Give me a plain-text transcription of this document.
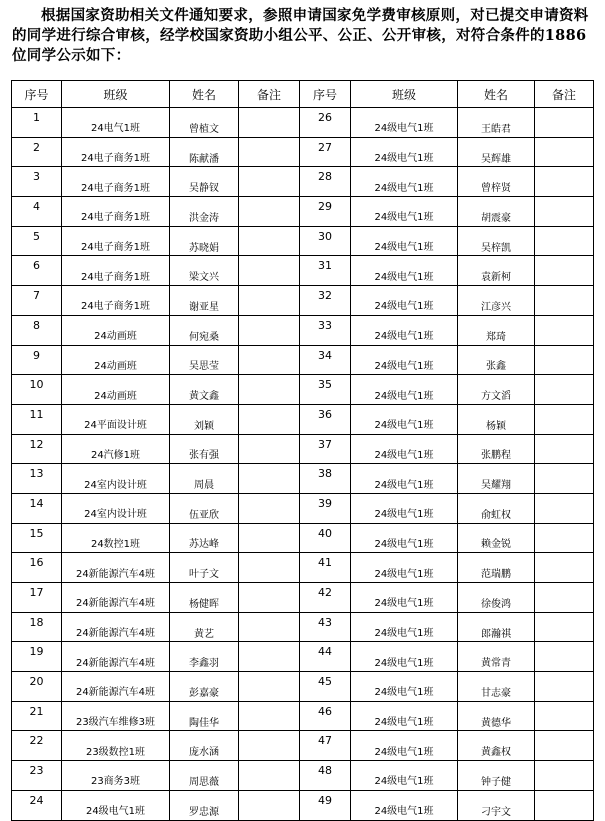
根据国家资助相关文件通知要求，参照申请国家免学费审核原则，对已提交申请资料的同学进行综合审核，经学校国家资助小组公平、公正、公开审核，对符合条件的1886位同学公示如下：
序号	班级	姓名	备注	序号	班级	姓名	备注
1	24电气1班	曾植文		26	24级电气1班	王皓君	
2	24电子商务1班	陈献潘		27	24级电气1班	吴辉雄	
3	24电子商务1班	吴静钗		28	24级电气1班	曾梓贤	
4	24电子商务1班	洪金涛		29	24级电气1班	胡震豪	
5	24电子商务1班	苏晓娟		30	24级电气1班	吴梓凯	
6	24电子商务1班	梁文兴		31	24级电气1班	袁新柯	
7	24电子商务1班	谢亚星		32	24级电气1班	江彦兴	
8	24动画班	何宛桑		33	24级电气1班	郑琦	
9	24动画班	吴思莹		34	24级电气1班	张鑫	
10	24动画班	黄文鑫		35	24级电气1班	方文滔	
11	24平面设计班	刘颖		36	24级电气1班	杨颖	
12	24汽修1班	张有强		37	24级电气1班	张鹏程	
13	24室内设计班	周晨		38	24级电气1班	吴耀翔	
14	24室内设计班	伍亚欣		39	24级电气1班	俞虹权	
15	24数控1班	苏达峰		40	24级电气1班	赖金锐	
16	24新能源汽车4班	叶子文		41	24级电气1班	范瑞鹏	
17	24新能源汽车4班	杨健晖		42	24级电气1班	徐俊鸿	
18	24新能源汽车4班	黄艺		43	24级电气1班	郎瀚祺	
19	24新能源汽车4班	李鑫羽		44	24级电气1班	黄常青	
20	24新能源汽车4班	彭嘉豪		45	24级电气1班	甘志豪	
21	23级汽车维修3班	陶佳华		46	24级电气1班	黄德华	
22	23级数控1班	庞水涵		47	24级电气1班	黄鑫权	
23	23商务3班	周思薇		48	24级电气1班	钟子健	
24	24级电气1班	罗忠源		49	24级电气1班	刁宇文	
